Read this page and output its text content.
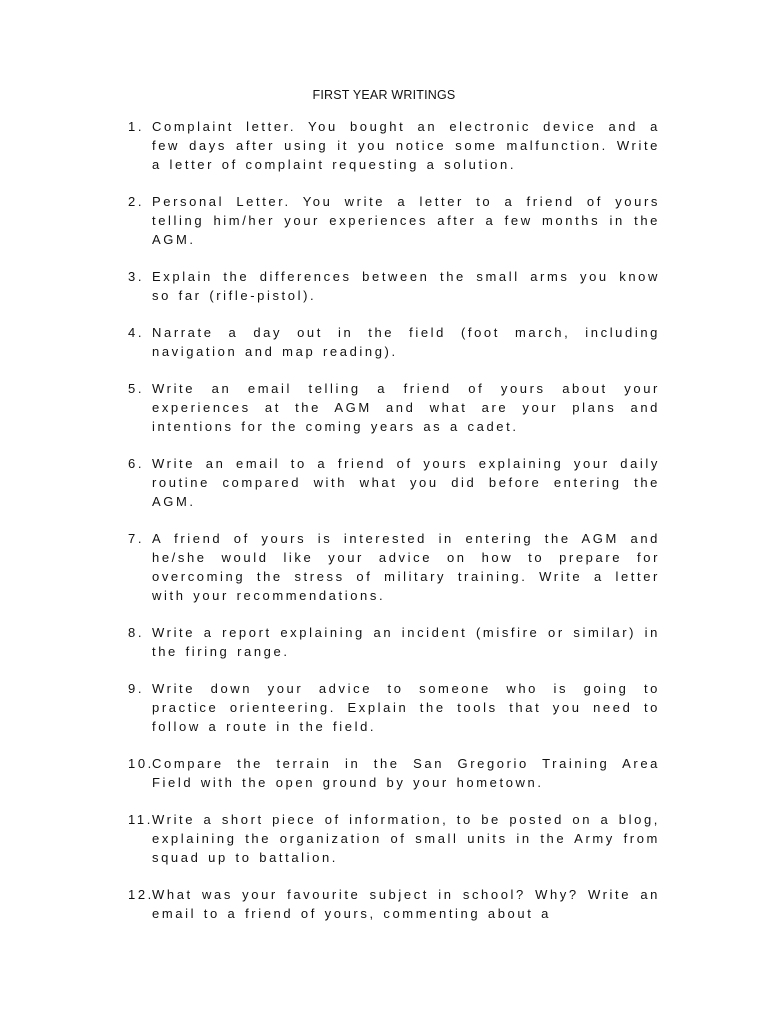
FIRST YEAR WRITINGS
1. Complaint letter. You bought an electronic device and a few days after using it you notice some malfunction. Write a letter of complaint requesting a solution.
2. Personal Letter. You write a letter to a friend of yours telling him/her your experiences after a few months in the AGM.
3. Explain the differences between the small arms you know so far (rifle-pistol).
4. Narrate a day out in the field (foot march, including navigation and map reading).
5. Write an email telling a friend of yours about your experiences at the AGM and what are your plans and intentions for the coming years as a cadet.
6. Write an email to a friend of yours explaining your daily routine compared with what you did before entering the AGM.
7. A friend of yours is interested in entering the AGM and he/she would like your advice on how to prepare for overcoming the stress of military training. Write a letter with your recommendations.
8. Write a report explaining an incident (misfire or similar) in the firing range.
9. Write down your advice to someone who is going to practice orienteering. Explain the tools that you need to follow a route in the field.
10.
Compare the terrain in the San Gregorio Training Area Field with the open ground by your hometown.
11. Write a short piece of information, to be posted on a blog, explaining the organization of small units in the Army from squad up to battalion.
12.
What was your favourite subject in school? Why? Write an email to a friend of yours, commenting about a
